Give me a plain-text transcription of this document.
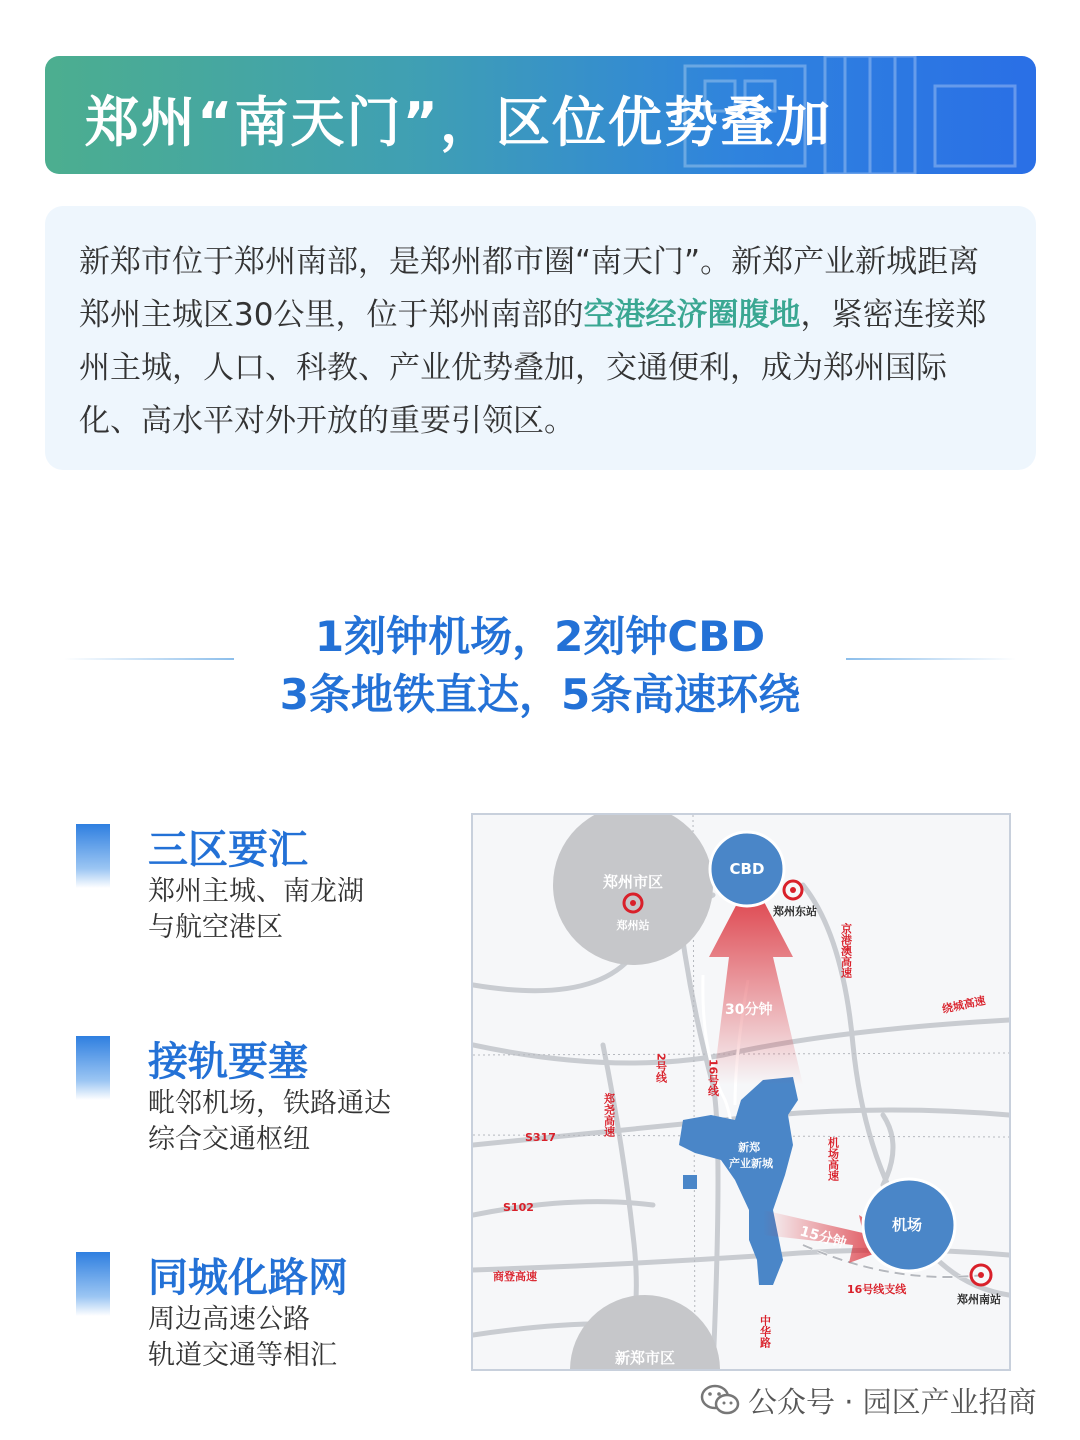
郑州“南天门”，区位优势叠加

新郑市位于郑州南部，是郑州都市圈“南天门”。新郑产业新城距离郑州主城区30公里，位于郑州南部的空港经济圈腹地，紧密连接郑州主城，人口、科教、产业优势叠加，交通便利，成为郑州国际化、高水平对外开放的重要引领区。

1刻钟机场，2刻钟CBD
3条地铁直达，5条高速环绕
三区要汇
郑州主城、南龙湖
与航空港区
接轨要塞
毗邻机场，铁路通达
综合交通枢纽
同城化路网
周边高速公路
轨道交通等相汇
郑州市区
郑州站
CBD
郑州东站
京港澳高速
绕城高速
30分钟
2号线	16号线
郑尧高速
S317
新郑 产业新城	机场高速
S102
机场
15分钟
商登高速
16号线支线
郑州南站
中华路
新郑市区
公众号 · 园区产业招商
